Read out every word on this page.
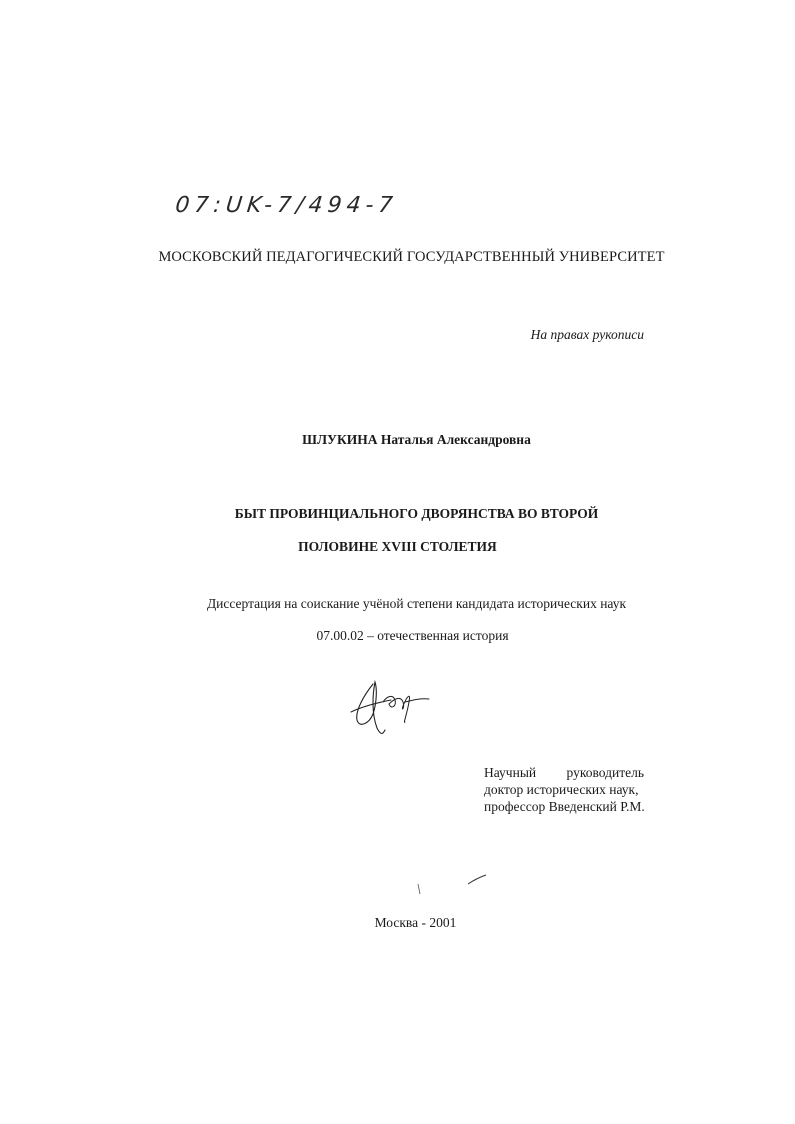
07:UK-7/494-7
МОСКОВСКИЙ ПЕДАГОГИЧЕСКИЙ ГОСУДАРСТВЕННЫЙ УНИВЕРСИТЕТ
На правах рукописи
ШЛУКИНА Наталья Александровна
БЫТ ПРОВИНЦИАЛЬНОГО ДВОРЯНСТВА ВО ВТОРОЙ
ПОЛОВИНЕ XVIII СТОЛЕТИЯ
Диссертация на соискание учёной степени кандидата исторических наук
07.00.02 – отечественная история
Научный руководитель
доктор исторических наук,
профессор Введенский Р.М.
Москва - 2001
